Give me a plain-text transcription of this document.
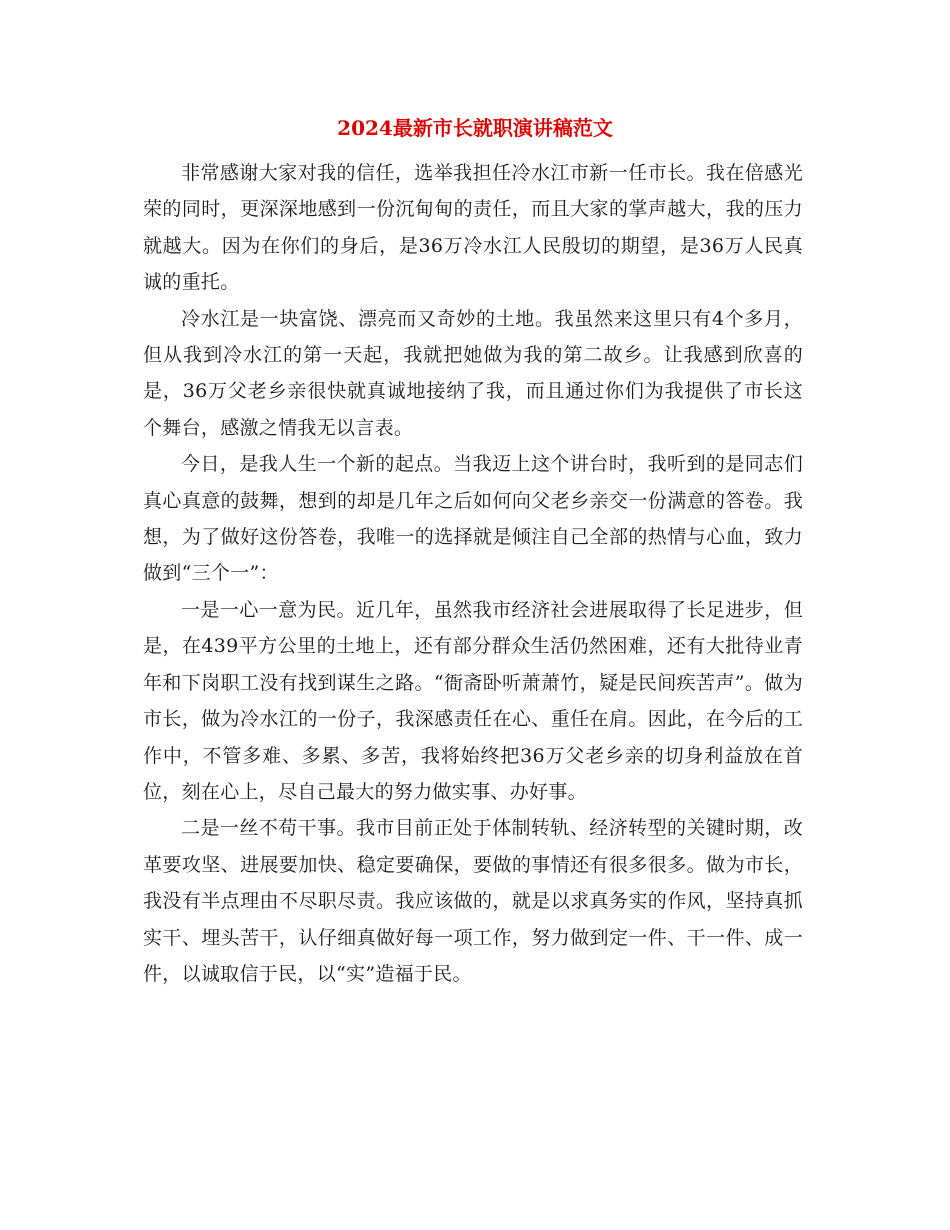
2024最新市长就职演讲稿范文

非常感谢大家对我的信任，选举我担任冷水江市新一任市长。我在倍感光荣的同时，更深深地感到一份沉甸甸的责任，而且大家的掌声越大，我的压力就越大。因为在你们的身后，是36万冷水江人民殷切的期望，是36万人民真诚的重托。

冷水江是一块富饶、漂亮而又奇妙的土地。我虽然来这里只有4个多月，但从我到冷水江的第一天起，我就把她做为我的第二故乡。让我感到欣喜的是，36万父老乡亲很快就真诚地接纳了我，而且通过你们为我提供了市长这个舞台，感激之情我无以言表。

今日，是我人生一个新的起点。当我迈上这个讲台时，我听到的是同志们真心真意的鼓舞，想到的却是几年之后如何向父老乡亲交一份满意的答卷。我想，为了做好这份答卷，我唯一的选择就是倾注自己全部的热情与心血，致力做到“三个一”：

一是一心一意为民。近几年，虽然我市经济社会进展取得了长足进步，但是，在439平方公里的土地上，还有部分群众生活仍然困难，还有大批待业青年和下岗职工没有找到谋生之路。“衙斋卧听萧萧竹，疑是民间疾苦声”。做为市长，做为冷水江的一份子，我深感责任在心、重任在肩。因此，在今后的工作中，不管多难、多累、多苦，我将始终把36万父老乡亲的切身利益放在首位，刻在心上，尽自己最大的努力做实事、办好事。

二是一丝不苟干事。我市目前正处于体制转轨、经济转型的关键时期，改革要攻坚、进展要加快、稳定要确保，要做的事情还有很多很多。做为市长，我没有半点理由不尽职尽责。我应该做的，就是以求真务实的作风，坚持真抓实干、埋头苦干，认仔细真做好每一项工作，努力做到定一件、干一件、成一件，以诚取信于民，以“实”造福于民。
